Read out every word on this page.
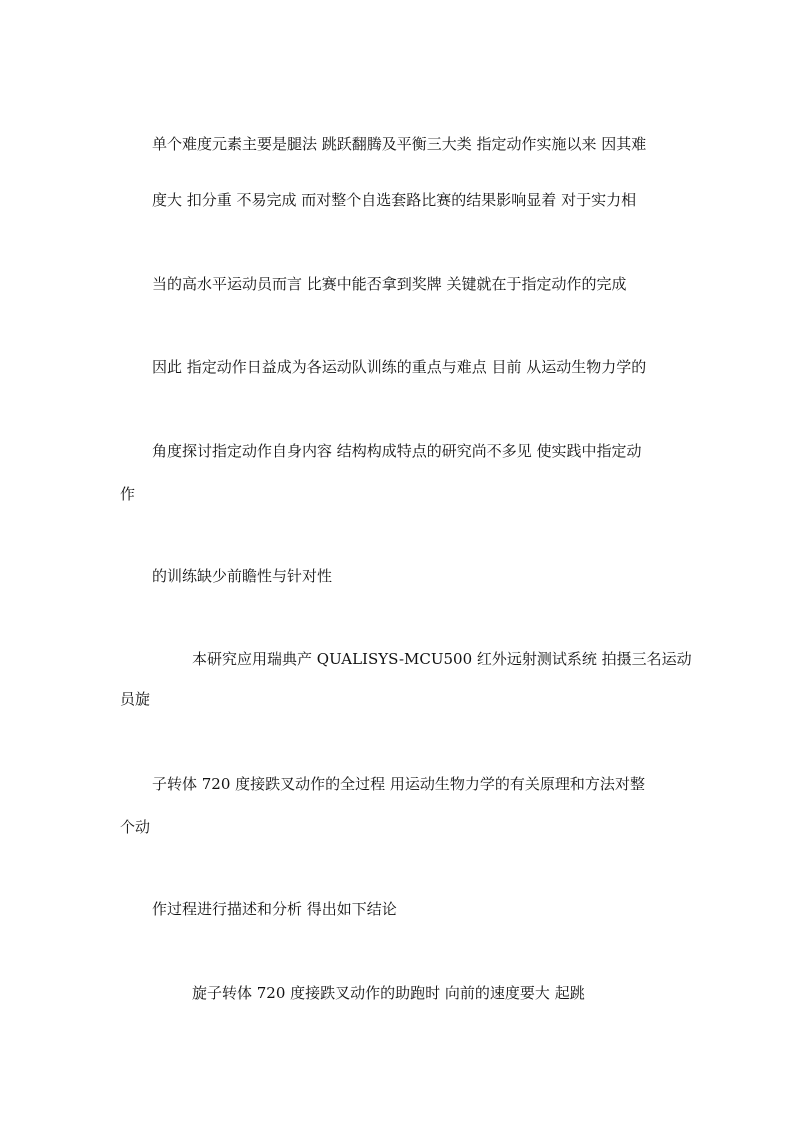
单个难度元素主要是腿法 跳跃翻腾及平衡三大类 指定动作实施以来 因其难
度大 扣分重 不易完成 而对整个自选套路比赛的结果影响显着 对于实力相
当的高水平运动员而言 比赛中能否拿到奖牌 关键就在于指定动作的完成
因此 指定动作日益成为各运动队训练的重点与难点 目前 从运动生物力学的
角度探讨指定动作自身内容 结构构成特点的研究尚不多见 使实践中指定动
作
的训练缺少前瞻性与针对性
本研究应用瑞典产 QUALISYS-MCU500 红外远射测试系统 拍摄三名运动
员旋
子转体 720 度接跌叉动作的全过程 用运动生物力学的有关原理和方法对整
个动
作过程进行描述和分析 得出如下结论
旋子转体 720 度接跌叉动作的助跑时 向前的速度要大 起跳
